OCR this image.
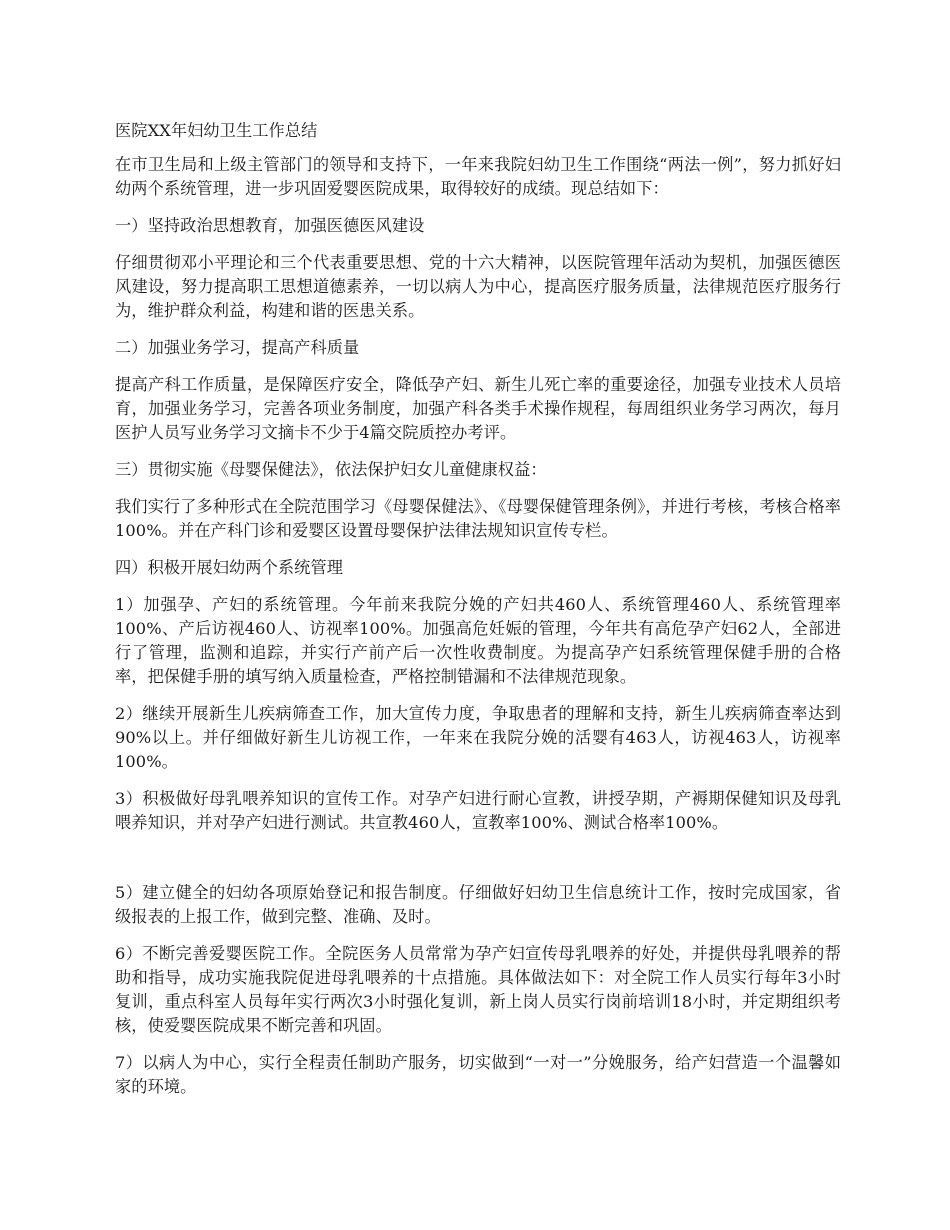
医院XX年妇幼卫生工作总结
在市卫生局和上级主管部门的领导和支持下，一年来我院妇幼卫生工作围绕“两法一例”，努力抓好妇幼两个系统管理，进一步巩固爱婴医院成果，取得较好的成绩。现总结如下：
一）坚持政治思想教育，加强医德医风建设
仔细贯彻邓小平理论和三个代表重要思想、党的十六大精神，以医院管理年活动为契机，加强医德医风建设，努力提高职工思想道德素养，一切以病人为中心，提高医疗服务质量，法律规范医疗服务行为，维护群众利益，构建和谐的医患关系。
二）加强业务学习，提高产科质量
提高产科工作质量，是保障医疗安全，降低孕产妇、新生儿死亡率的重要途径，加强专业技术人员培育，加强业务学习，完善各项业务制度，加强产科各类手术操作规程，每周组织业务学习两次，每月医护人员写业务学习文摘卡不少于4篇交院质控办考评。
三）贯彻实施《母婴保健法》，依法保护妇女儿童健康权益：
我们实行了多种形式在全院范围学习《母婴保健法》、《母婴保健管理条例》，并进行考核，考核合格率100%。并在产科门诊和爱婴区设置母婴保护法律法规知识宣传专栏。
四）积极开展妇幼两个系统管理
1）加强孕、产妇的系统管理。今年前来我院分娩的产妇共460人、系统管理460人、系统管理率100%、产后访视460人、访视率100%。加强高危妊娠的管理，今年共有高危孕产妇62人，全部进行了管理，监测和追踪，并实行产前产后一次性收费制度。为提高孕产妇系统管理保健手册的合格率，把保健手册的填写纳入质量检查，严格控制错漏和不法律规范现象。
2）继续开展新生儿疾病筛查工作，加大宣传力度，争取患者的理解和支持，新生儿疾病筛查率达到90%以上。并仔细做好新生儿访视工作，一年来在我院分娩的活婴有463人，访视463人，访视率100%。
3）积极做好母乳喂养知识的宣传工作。对孕产妇进行耐心宣教，讲授孕期，产褥期保健知识及母乳喂养知识，并对孕产妇进行测试。共宣教460人，宣教率100%、测试合格率100%。
5）建立健全的妇幼各项原始登记和报告制度。仔细做好妇幼卫生信息统计工作，按时完成国家，省级报表的上报工作，做到完整、准确、及时。
6）不断完善爱婴医院工作。全院医务人员常常为孕产妇宣传母乳喂养的好处，并提供母乳喂养的帮助和指导，成功实施我院促进母乳喂养的十点措施。具体做法如下：对全院工作人员实行每年3小时复训，重点科室人员每年实行两次3小时强化复训，新上岗人员实行岗前培训18小时，并定期组织考核，使爱婴医院成果不断完善和巩固。
7）以病人为中心，实行全程责任制助产服务，切实做到“一对一”分娩服务，给产妇营造一个温馨如家的环境。
